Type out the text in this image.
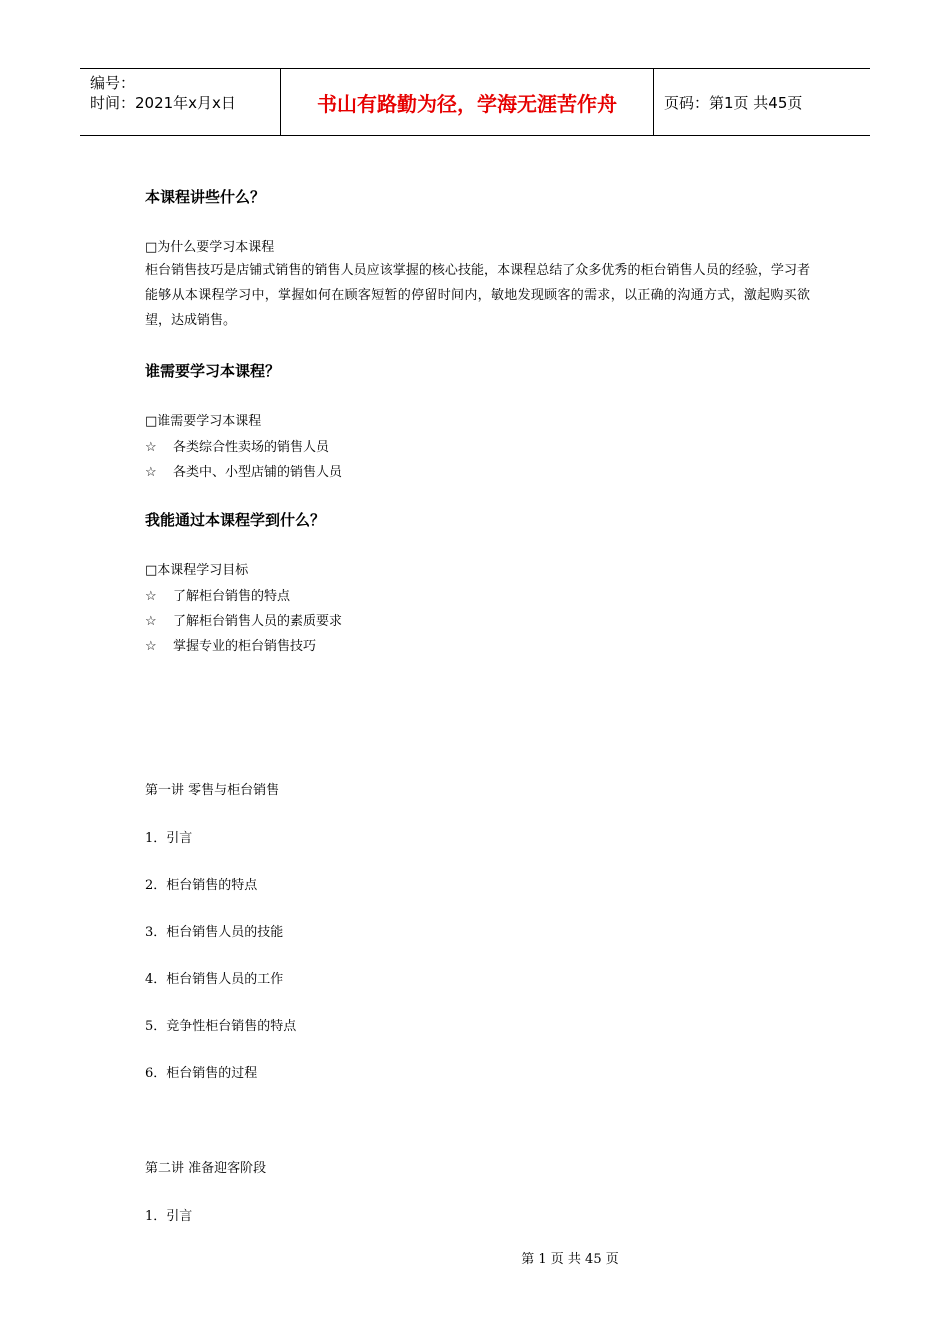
编号：
时间：2021年x月x日	书山有路勤为径，学海无涯苦作舟	页码：第1页 共45页
本课程讲些什么？
□为什么要学习本课程
柜台销售技巧是店铺式销售的销售人员应该掌握的核心技能，本课程总结了众多优秀的柜台销售人员的经验，学习者能够从本课程学习中，掌握如何在顾客短暂的停留时间内，敏地发现顾客的需求，以正确的沟通方式，激起购买欲望，达成销售。
谁需要学习本课程？
□谁需要学习本课程
☆ 各类综合性卖场的销售人员
☆ 各类中、小型店铺的销售人员
我能通过本课程学到什么？
□本课程学习目标
☆ 了解柜台销售的特点
☆ 了解柜台销售人员的素质要求
☆ 掌握专业的柜台销售技巧
第一讲 零售与柜台销售
1．引言
2．柜台销售的特点
3．柜台销售人员的技能
4．柜台销售人员的工作
5．竞争性柜台销售的特点
6．柜台销售的过程
第二讲 准备迎客阶段
1．引言
第 1 页 共 45 页
